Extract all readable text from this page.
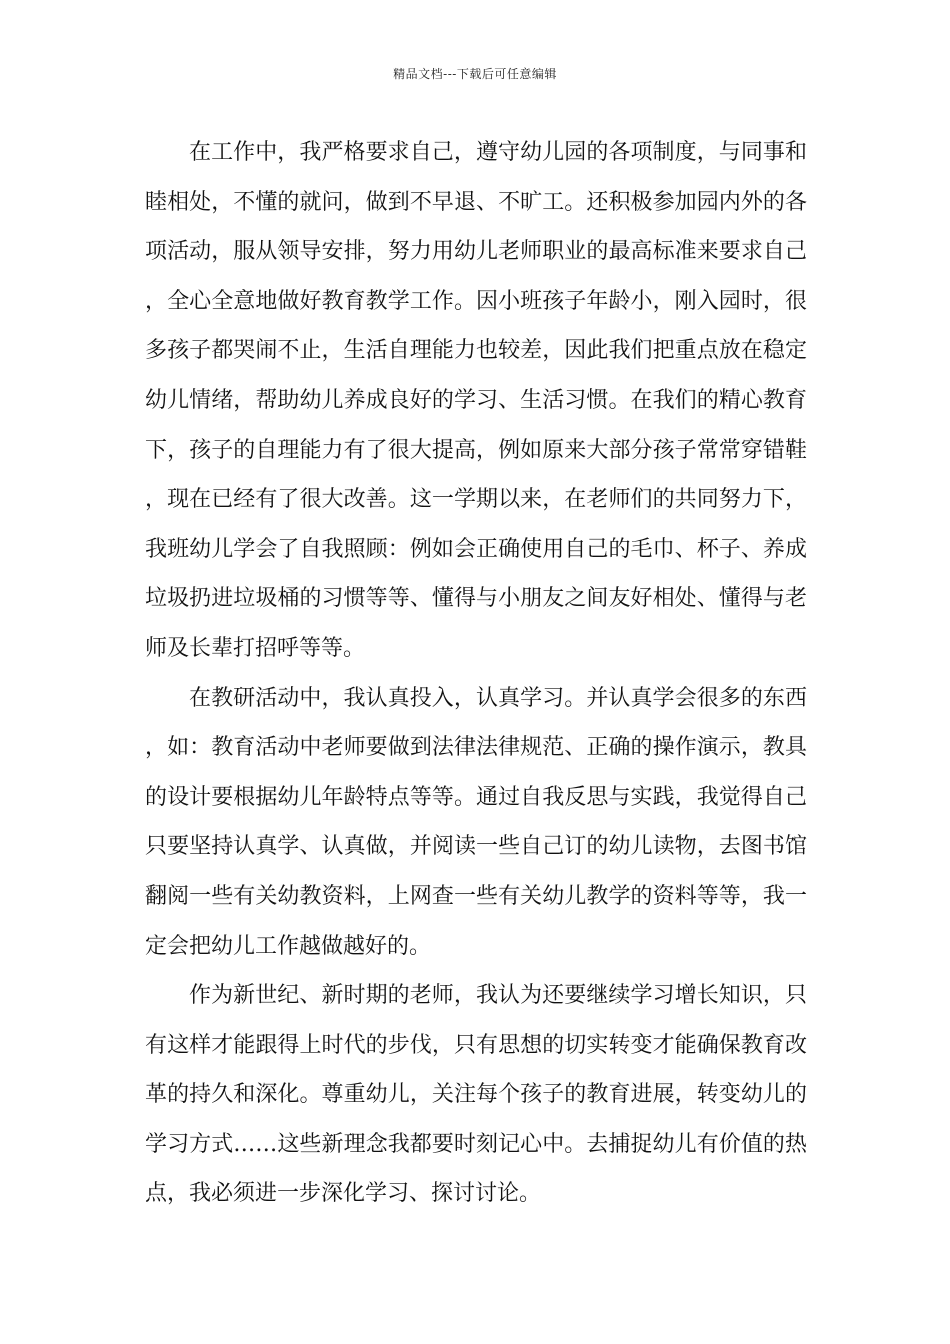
精品文档---下载后可任意编辑

在工作中，我严格要求自己，遵守幼儿园的各项制度，与同事和睦相处，不懂的就问，做到不早退、不旷工。还积极参加园内外的各项活动，服从领导安排，努力用幼儿老师职业的最高标准来要求自己，全心全意地做好教育教学工作。因小班孩子年龄小，刚入园时，很多孩子都哭闹不止，生活自理能力也较差，因此我们把重点放在稳定幼儿情绪，帮助幼儿养成良好的学习、生活习惯。在我们的精心教育下，孩子的自理能力有了很大提高，例如原来大部分孩子常常穿错鞋，现在已经有了很大改善。这一学期以来，在老师们的共同努力下，我班幼儿学会了自我照顾：例如会正确使用自己的毛巾、杯子、养成垃圾扔进垃圾桶的习惯等等、懂得与小朋友之间友好相处、懂得与老师及长辈打招呼等等。

在教研活动中，我认真投入，认真学习。并认真学会很多的东西，如：教育活动中老师要做到法律法律规范、正确的操作演示，教具的设计要根据幼儿年龄特点等等。通过自我反思与实践，我觉得自己只要坚持认真学、认真做，并阅读一些自己订的幼儿读物，去图书馆翻阅一些有关幼教资料，上网查一些有关幼儿教学的资料等等，我一定会把幼儿工作越做越好的。

作为新世纪、新时期的老师，我认为还要继续学习增长知识，只有这样才能跟得上时代的步伐，只有思想的切实转变才能确保教育改革的持久和深化。尊重幼儿，关注每个孩子的教育进展，转变幼儿的学习方式……这些新理念我都要时刻记心中。去捕捉幼儿有价值的热点，我必须进一步深化学习、探讨讨论。
